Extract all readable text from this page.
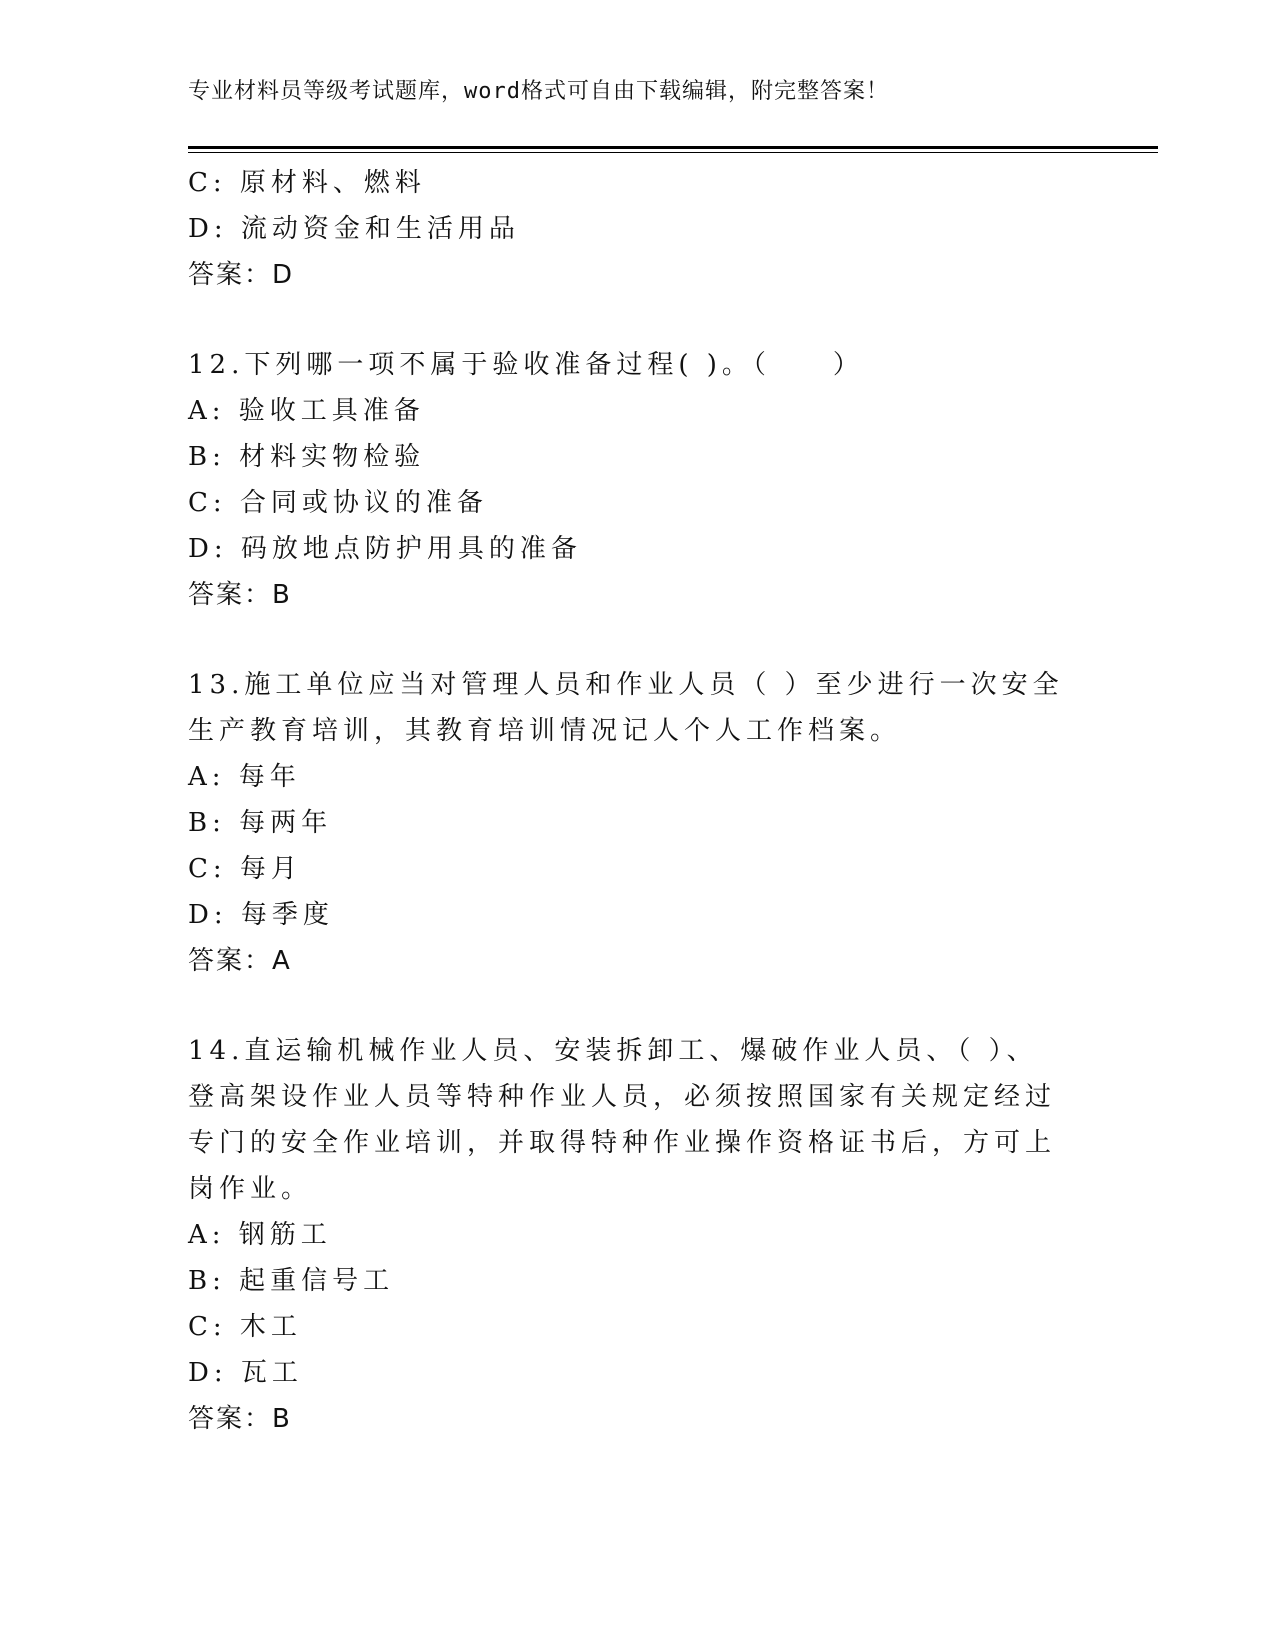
专业材料员等级考试题库，word格式可自由下载编辑，附完整答案！
C: 原材料、燃料
D: 流动资金和生活用品
答案：D
12.下列哪一项不属于验收准备过程( )。（　　）
A: 验收工具准备
B: 材料实物检验
C: 合同或协议的准备
D: 码放地点防护用具的准备
答案：B
13.施工单位应当对管理人员和作业人员（ ）至少进行一次安全生产教育培训，其教育培训情况记人个人工作档案。
A: 每年
B: 每两年
C: 每月
D: 每季度
答案：A
14.直运输机械作业人员、安装拆卸工、爆破作业人员、（ ）、登高架设作业人员等特种作业人员，必须按照国家有关规定经过专门的安全作业培训，并取得特种作业操作资格证书后，方可上岗作业。
A: 钢筋工
B: 起重信号工
C: 木工
D: 瓦工
答案：B
